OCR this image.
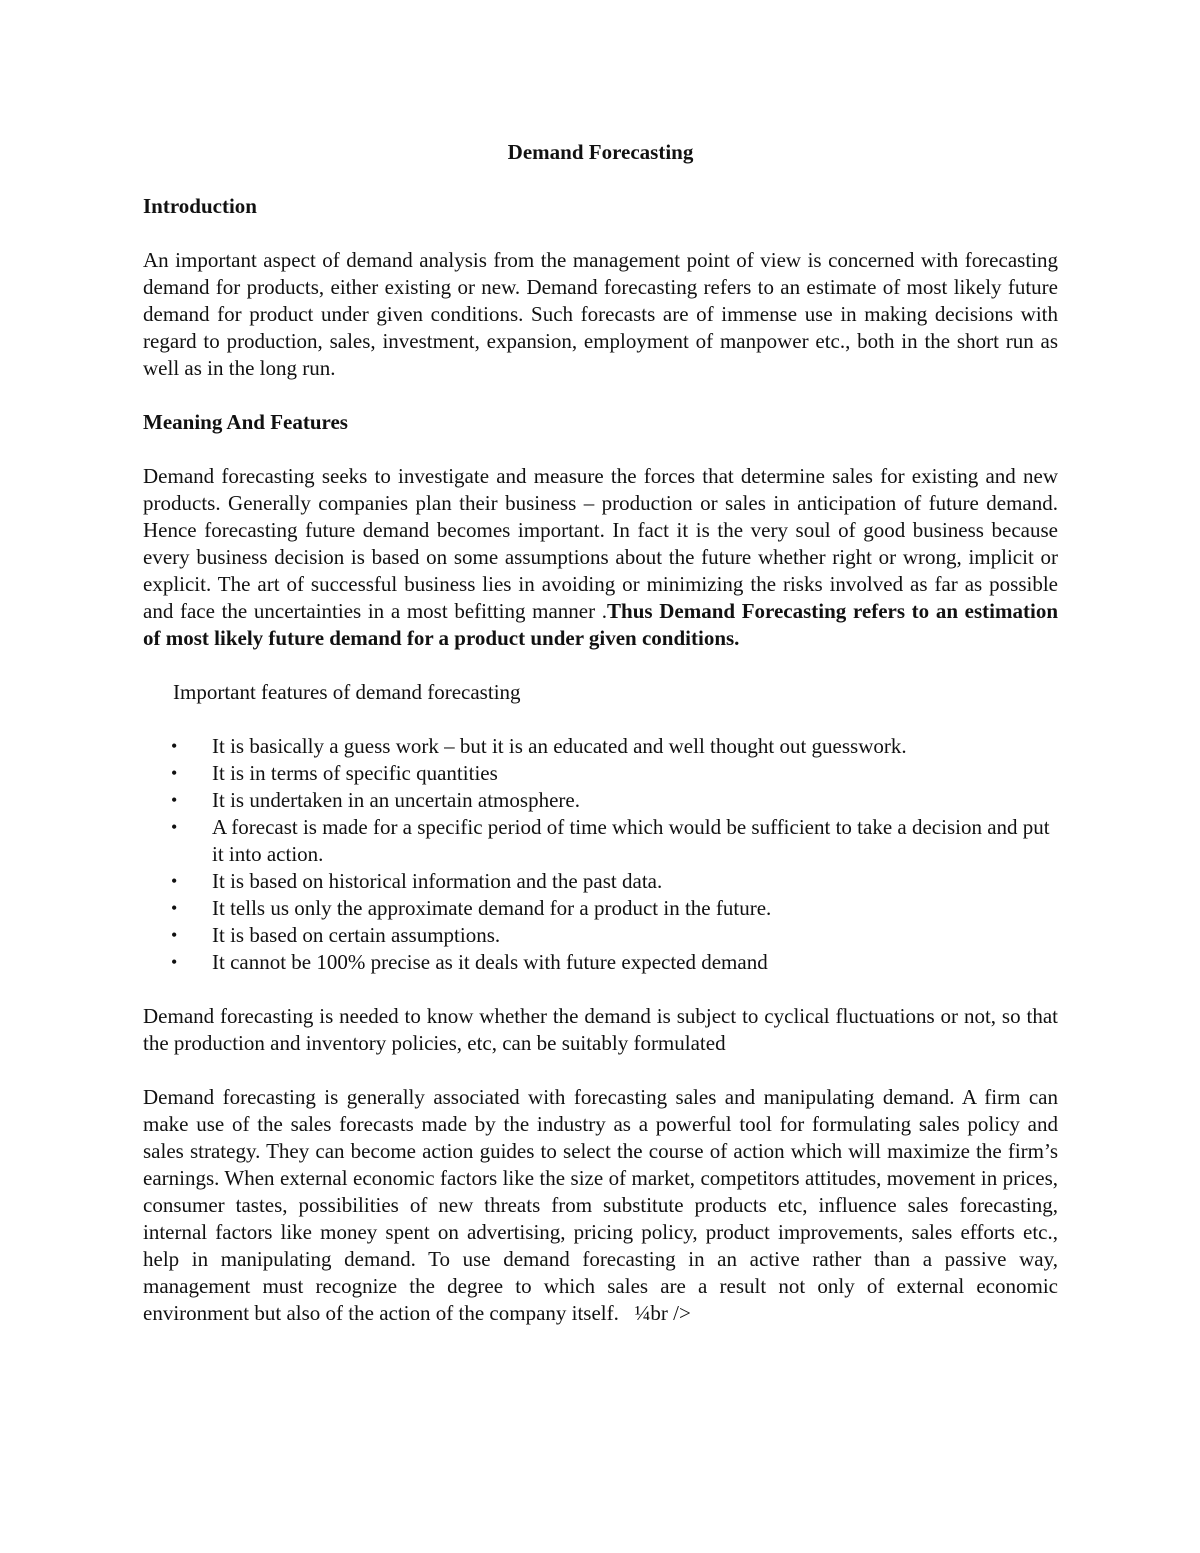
Demand Forecasting
Introduction

An important aspect of demand analysis from the management point of view is concerned with forecasting demand for products, either existing or new. Demand forecasting refers to an estimate of most likely future demand for product under given conditions. Such forecasts are of immense use in making decisions with regard to production, sales, investment, expansion, employment of manpower etc., both in the short run as well as in the long run.

Meaning And Features

Demand forecasting seeks to investigate and measure the forces that determine sales for existing and new products. Generally companies plan their business – production or sales in anticipation of future demand. Hence forecasting future demand becomes important. In fact it is the very soul of good business because every business decision is based on some assumptions about the future whether right or wrong, implicit or explicit. The art of successful business lies in avoiding or minimizing the risks involved as far as possible and face the uncertainties in a most befitting manner .Thus Demand Forecasting refers to an estimation of most likely future demand for a product under given conditions.

Important features of demand forecasting
• It is basically a guess work – but it is an educated and well thought out guesswork.
• It is in terms of specific quantities
• It is undertaken in an uncertain atmosphere.
• A forecast is made for a specific period of time which would be sufficient to take a decision and put it into action.
• It is based on historical information and the past data.
• It tells us only the approximate demand for a product in the future.
• It is based on certain assumptions.
• It cannot be 100% precise as it deals with future expected demand

Demand forecasting is needed to know whether the demand is subject to cyclical fluctuations or not, so that the production and inventory policies, etc, can be suitably formulated

Demand forecasting is generally associated with forecasting sales and manipulating demand. A firm can make use of the sales forecasts made by the industry as a powerful tool for formulating sales policy and sales strategy. They can become action guides to select the course of action which will maximize the firm’s earnings. When external economic factors like the size of market, competitors attitudes, movement in prices, consumer tastes, possibilities of new threats from substitute products etc, influence sales forecasting, internal factors like money spent on advertising, pricing policy, product improvements, sales efforts etc., help in manipulating demand. To use demand forecasting in an active rather than a passive way, management must recognize the degree to which sales are a result not only of external economic environment but also of the action of the company itself. ¼br />
